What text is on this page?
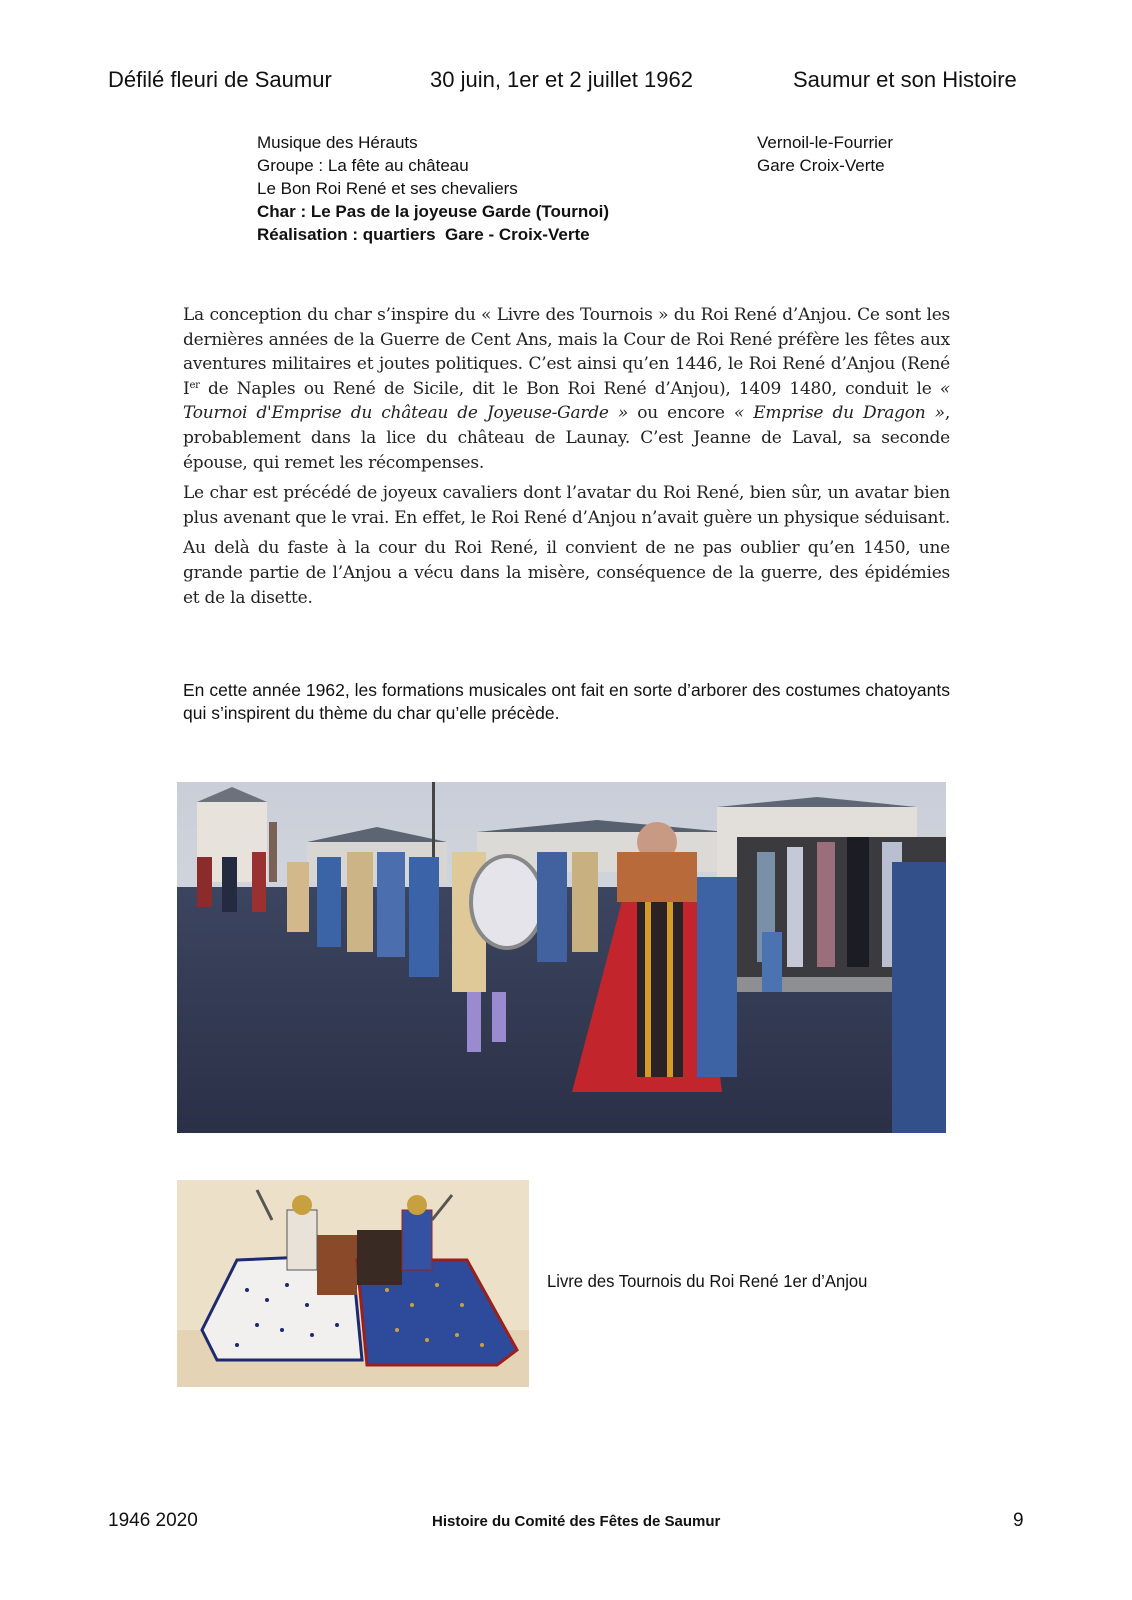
Défilé fleuri de Saumur	30 juin, 1er et 2 juillet 1962	Saumur et son Histoire
Musique des Hérauts
Groupe : La fête au château
Le Bon Roi René et ses chevaliers
Char : Le Pas de la joyeuse Garde (Tournoi)
Réalisation : quartiers  Gare - Croix-Verte
Vernoil-le-Fourrier
Gare Croix-Verte

La conception du char s’inspire du « Livre des Tournois » du Roi René d’Anjou. Ce sont les dernières années de la Guerre de Cent Ans, mais la Cour de Roi René préfère les fêtes aux aventures militaires et joutes politiques. C’est ainsi qu’en 1446, le Roi René d’Anjou (René Ier de Naples ou René de Sicile, dit le Bon Roi René d’Anjou), 1409 1480, conduit le « Tournoi d'Emprise du château de Joyeuse-Garde » ou encore « Emprise du Dragon », probablement dans la lice du château de Launay. C’est Jeanne de Laval, sa seconde épouse, qui remet les récompenses.

Le char est précédé de joyeux cavaliers dont l’avatar du Roi René, bien sûr, un avatar bien plus avenant que le vrai. En effet, le Roi René d’Anjou n’avait guère un physique séduisant.

Au delà du faste à la cour du Roi René, il convient de ne pas oublier qu’en 1450, une grande partie de l’Anjou a vécu dans la misère, conséquence de la guerre, des épidémies et de la disette.

En cette année 1962, les formations musicales ont fait en sorte d’arborer des costumes chatoyants qui s’inspirent du thème du char qu’elle précède.
Livre des Tournois du Roi René 1er d’Anjou
1946 2020	Histoire du Comité des Fêtes de Saumur	9
